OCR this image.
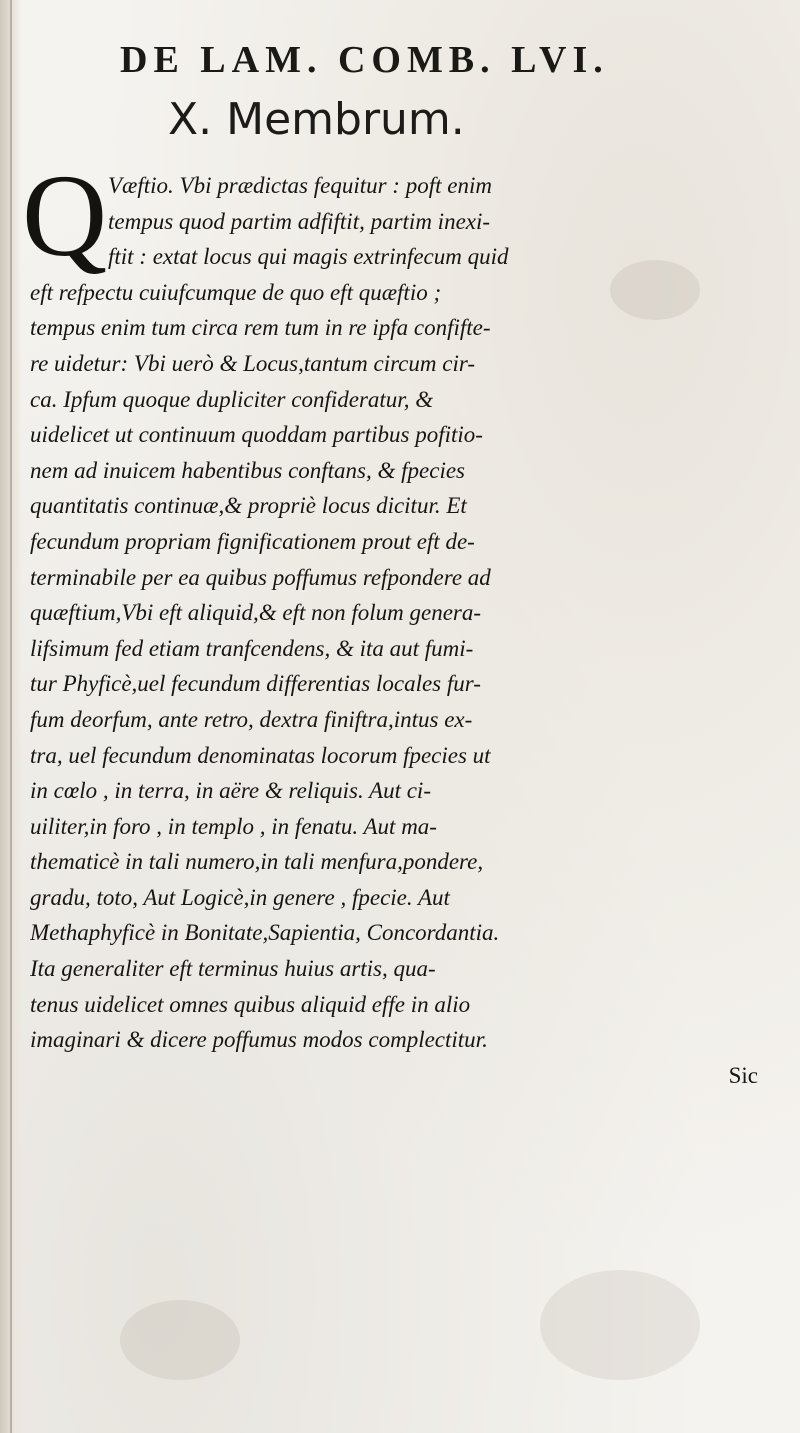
DE LAM. COMB. LVI.
X. Membrum.
Q Væftio. Vbi prædictas fequitur : poft enim
tempus quod partim adfiftit, partim inexi-
ftit : extat locus qui magis extrinfecum quid
eft refpectu cuiufcumque de quo eft quæftio ;
tempus enim tum circa rem tum in re ipfa confifte-
re uidetur: Vbi uerò & Locus,tantum circum cir-
ca. Ipfum quoque dupliciter confideratur, &
uidelicet ut continuum quoddam partibus pofitio-
nem ad inuicem habentibus conftans, & fpecies
quantitatis continuæ,& propriè locus dicitur. Et
fecundum propriam fignificationem prout eft de-
terminabile per ea quibus poffumus refpondere ad
quæftium,Vbi eft aliquid,& eft non folum genera-
lifsimum fed etiam tranfcendens, & ita aut fumi-
tur Phyficè,uel fecundum differentias locales fur-
fum deorfum, ante retro, dextra finiftra,intus ex-
tra, uel fecundum denominatas locorum fpecies ut
in cœlo , in terra, in aëre & reliquis. Aut ci-
uiliter,in foro , in templo , in fenatu. Aut ma-
thematicè in tali numero,in tali menfura,pondere,
gradu, toto, Aut Logicè,in genere , fpecie. Aut
Methaphyficè in Bonitate,Sapientia, Concordantia.
Ita generaliter eft terminus huius artis, qua-
tenus uidelicet omnes quibus aliquid effe in alio
imaginari & dicere poffumus modos complectitur.
Sic
